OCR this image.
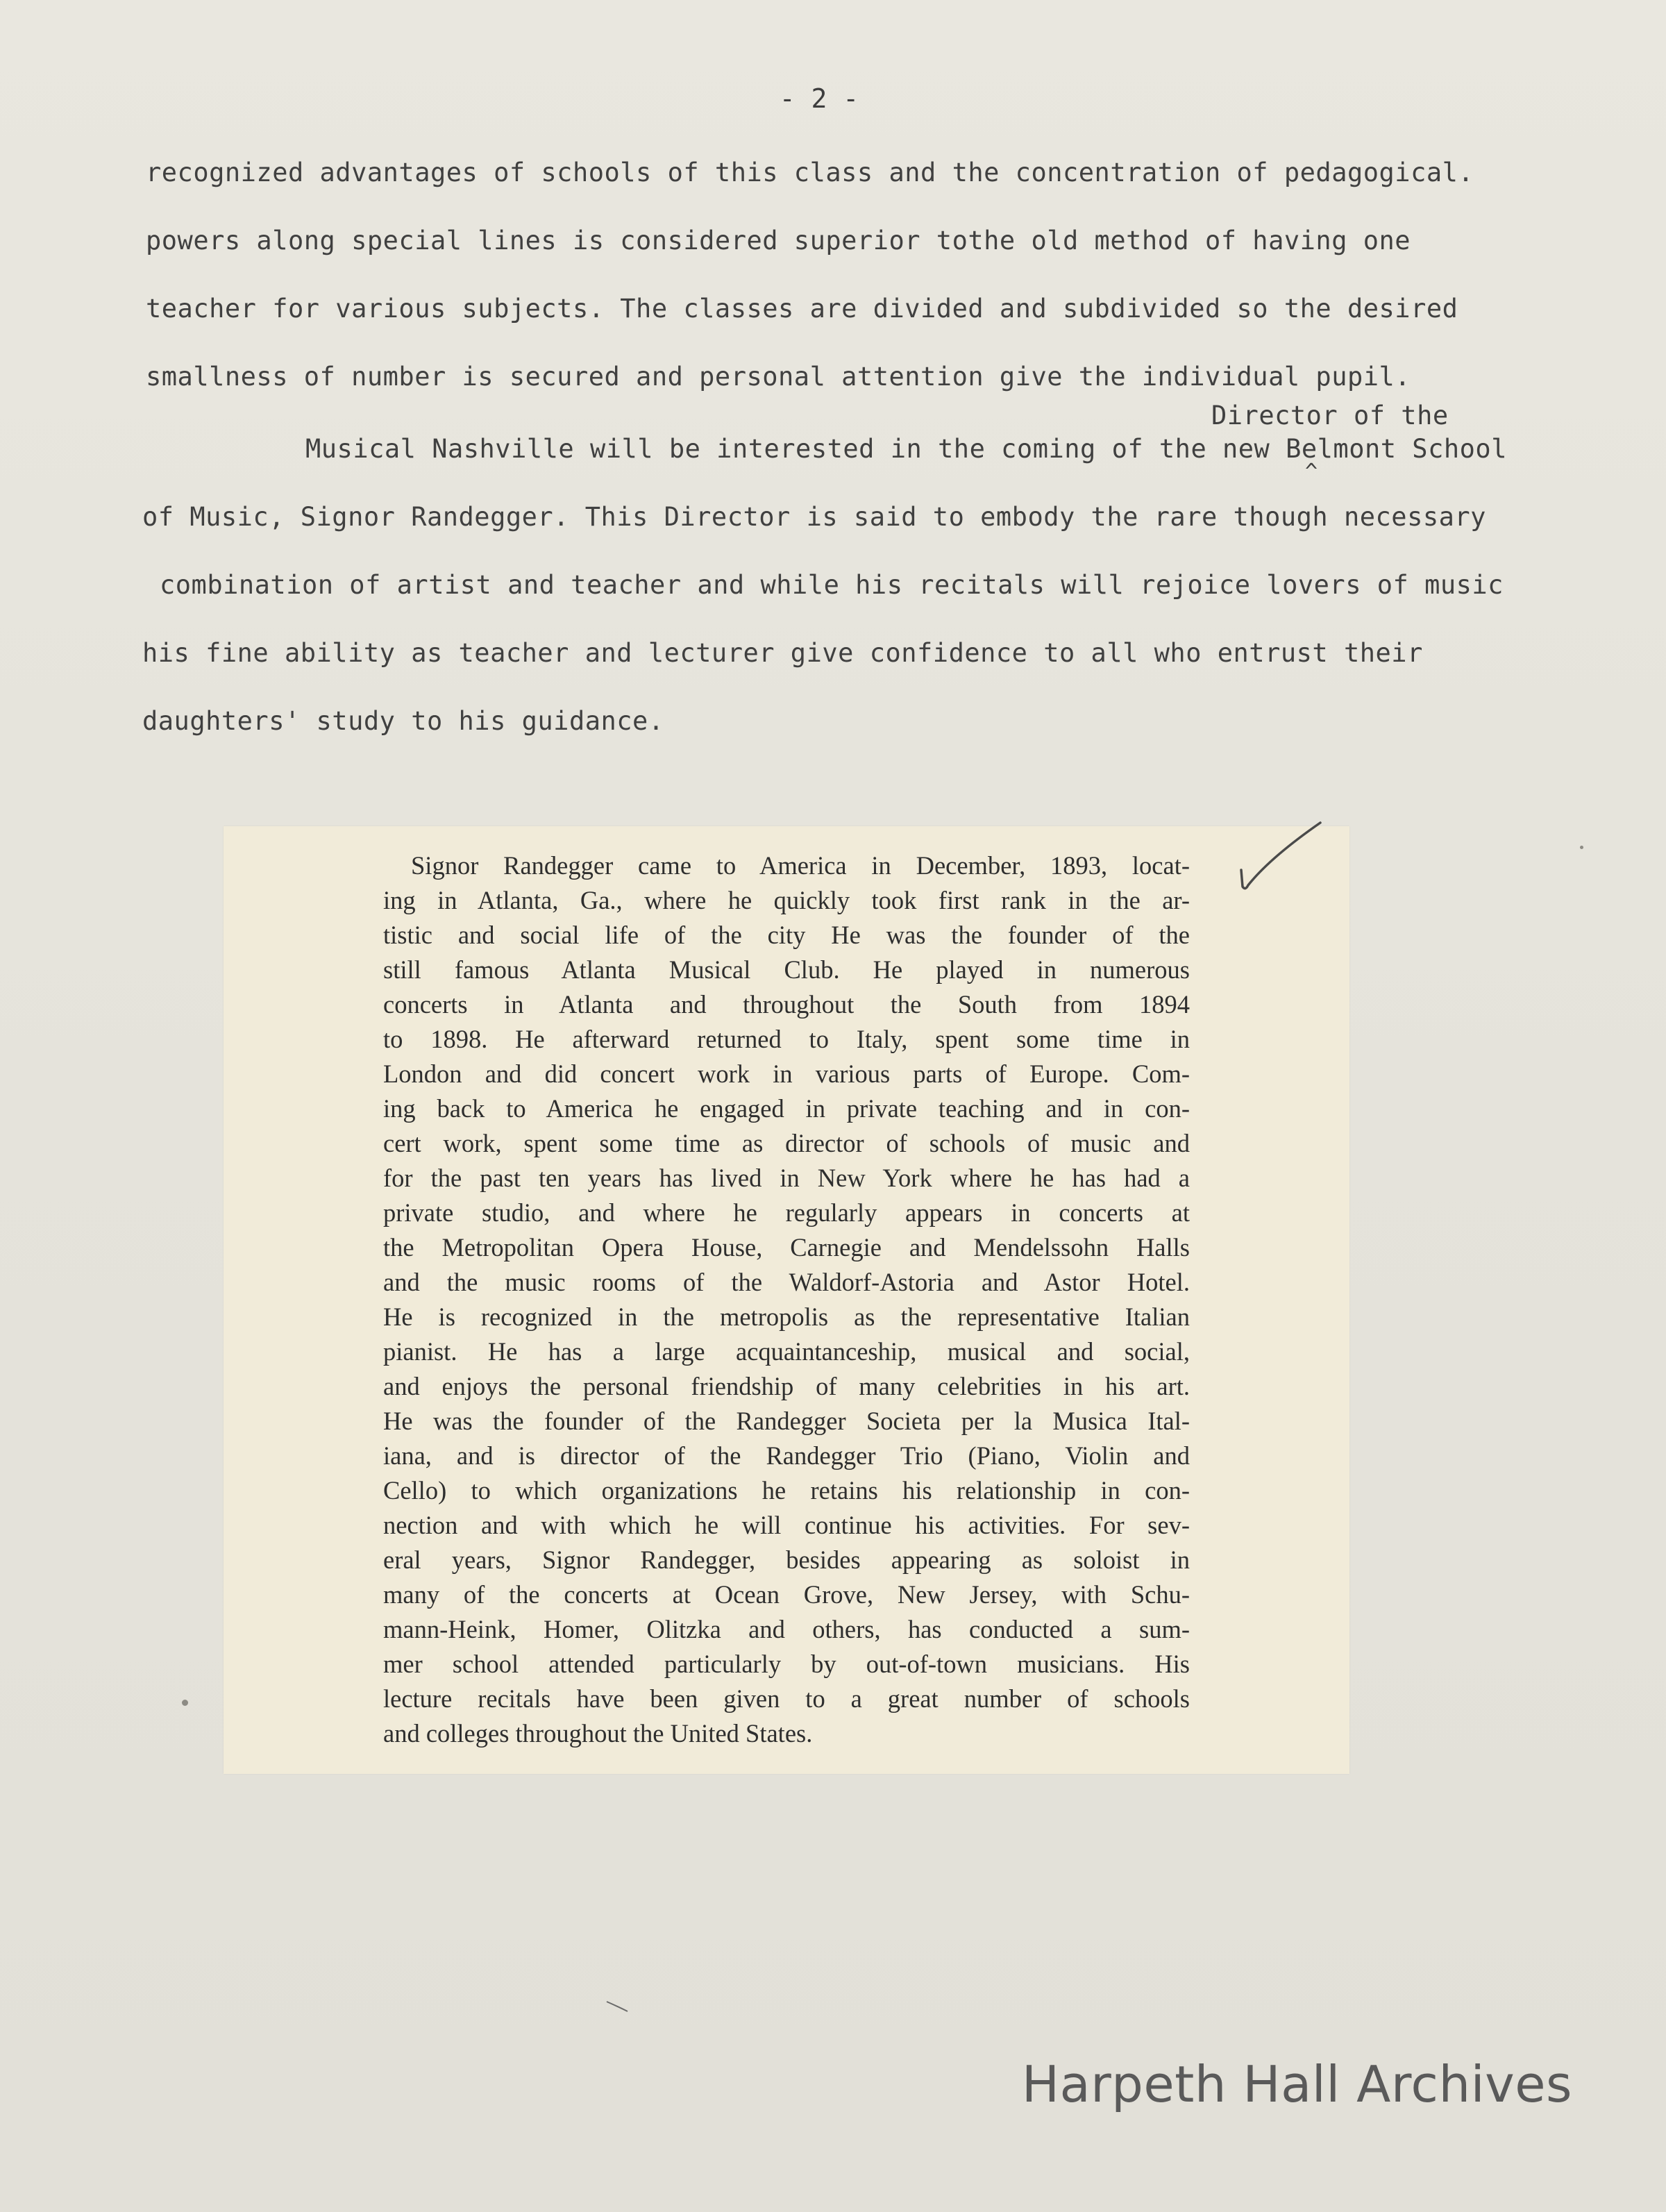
- 2 -
recognized advantages of schools of this class and the concentration of pedagogical.
powers along special lines is considered superior tothe old method of having one
teacher for various subjects. The classes are divided and subdivided so the desired
smallness of number is secured and personal attention give the individual pupil.
Director of the
Musical Nashville will be interested in the coming of the new Belmont School
^
of Music, Signor Randegger. This Director is said to embody the rare though necessary
combination of artist and teacher and while his recitals will rejoice lovers of music
his fine ability as teacher and lecturer give confidence to all who entrust their
daughters' study to his guidance.
Signor Randegger came to America in December, 1893, locat-
ing in Atlanta, Ga., where he quickly took first rank in the ar-
tistic and social life of the city He was the founder of the
still famous Atlanta Musical Club. He played in numerous
concerts in Atlanta and throughout the South from 1894
to 1898. He afterward returned to Italy, spent some time in
London and did concert work in various parts of Europe. Com-
ing back to America he engaged in private teaching and in con-
cert work, spent some time as director of schools of music and
for the past ten years has lived in New York where he has had a
private studio, and where he regularly appears in concerts at
the Metropolitan Opera House, Carnegie and Mendelssohn Halls
and the music rooms of the Waldorf-Astoria and Astor Hotel.
He is recognized in the metropolis as the representative Italian
pianist. He has a large acquaintanceship, musical and social,
and enjoys the personal friendship of many celebrities in his art.
He was the founder of the Randegger Societa per la Musica Ital-
iana, and is director of the Randegger Trio (Piano, Violin and
Cello) to which organizations he retains his relationship in con-
nection and with which he will continue his activities. For sev-
eral years, Signor Randegger, besides appearing as soloist in
many of the concerts at Ocean Grove, New Jersey, with Schu-
mann-Heink, Homer, Olitzka and others, has conducted a sum-
mer school attended particularly by out-of-town musicians. His
lecture recitals have been given to a great number of schools
and colleges throughout the United States.
Harpeth Hall Archives
